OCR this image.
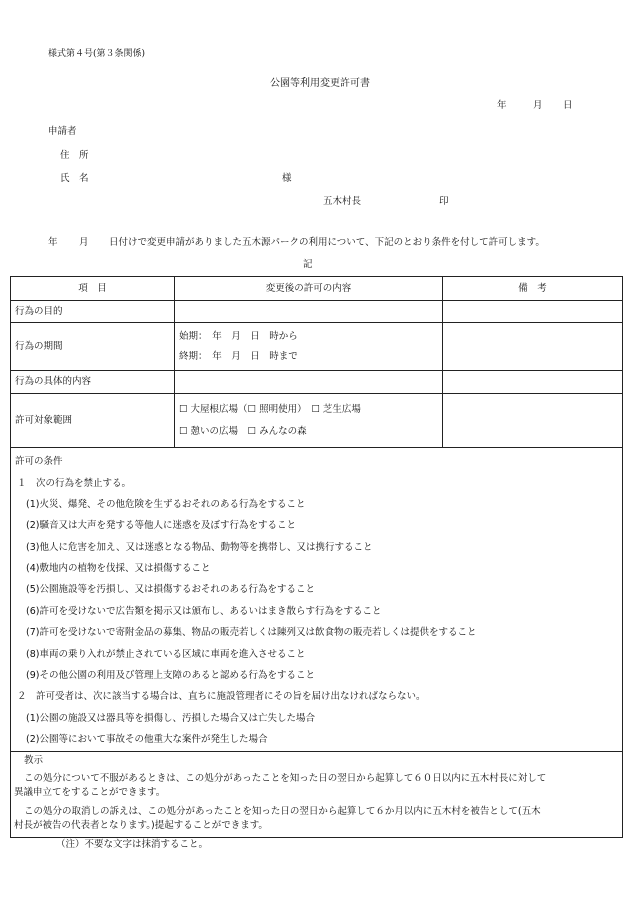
様式第４号(第３条関係)
公園等利用変更許可書
年	月 日
申請者
住　所
氏　名	様
五木村長	印
年 月 日付けで変更申請がありました五木源パークの利用について、下記のとおり条件を付して許可します。
記
項　目	変更後の許可の内容	備　考
行為の目的		
行為の期間	始期：　年　月　日　時から
終期：　年　月　日　時まで	

行為の具体的内容		
許可対象範囲	☐ 大屋根広場（☐ 照明使用）　☐ 芝生広場
☐ 憩いの広場　☐ みんなの森	

許可の条件
１　次の行為を禁止する。
(1)火災、爆発、その他危険を生ずるおそれのある行為をすること
(2)騒音又は大声を発する等他人に迷惑を及ぼす行為をすること
(3)他人に危害を加え、又は迷惑となる物品、動物等を携帯し、又は携行すること
(4)敷地内の植物を伐採、又は損傷すること
(5)公園施設等を汚損し、又は損傷するおそれのある行為をすること
(6)許可を受けないで広告類を掲示又は頒布し、あるいはまき散らす行為をすること
(7)許可を受けないで寄附金品の募集、物品の販売若しくは陳列又は飲食物の販売若しくは提供をすること
(8)車両の乗り入れが禁止されている区域に車両を進入させること
(9)その他公園の利用及び管理上支障のあると認める行為をすること
２　許可受者は、次に該当する場合は、直ちに施設管理者にその旨を届け出なければならない。
(1)公園の施設又は器具等を損傷し、汚損した場合又は亡失した場合
(2)公園等において事故その他重大な案件が発生した場合
教示
この処分について不服があるときは、この処分があったことを知った日の翌日から起算して６０日以内に五木村長に対して
異議申立てをすることができます。
この処分の取消しの訴えは、この処分があったことを知った日の翌日から起算して６か月以内に五木村を被告として(五木
村長が被告の代表者となります。)提起することができます。
（注）不要な文字は抹消すること。
